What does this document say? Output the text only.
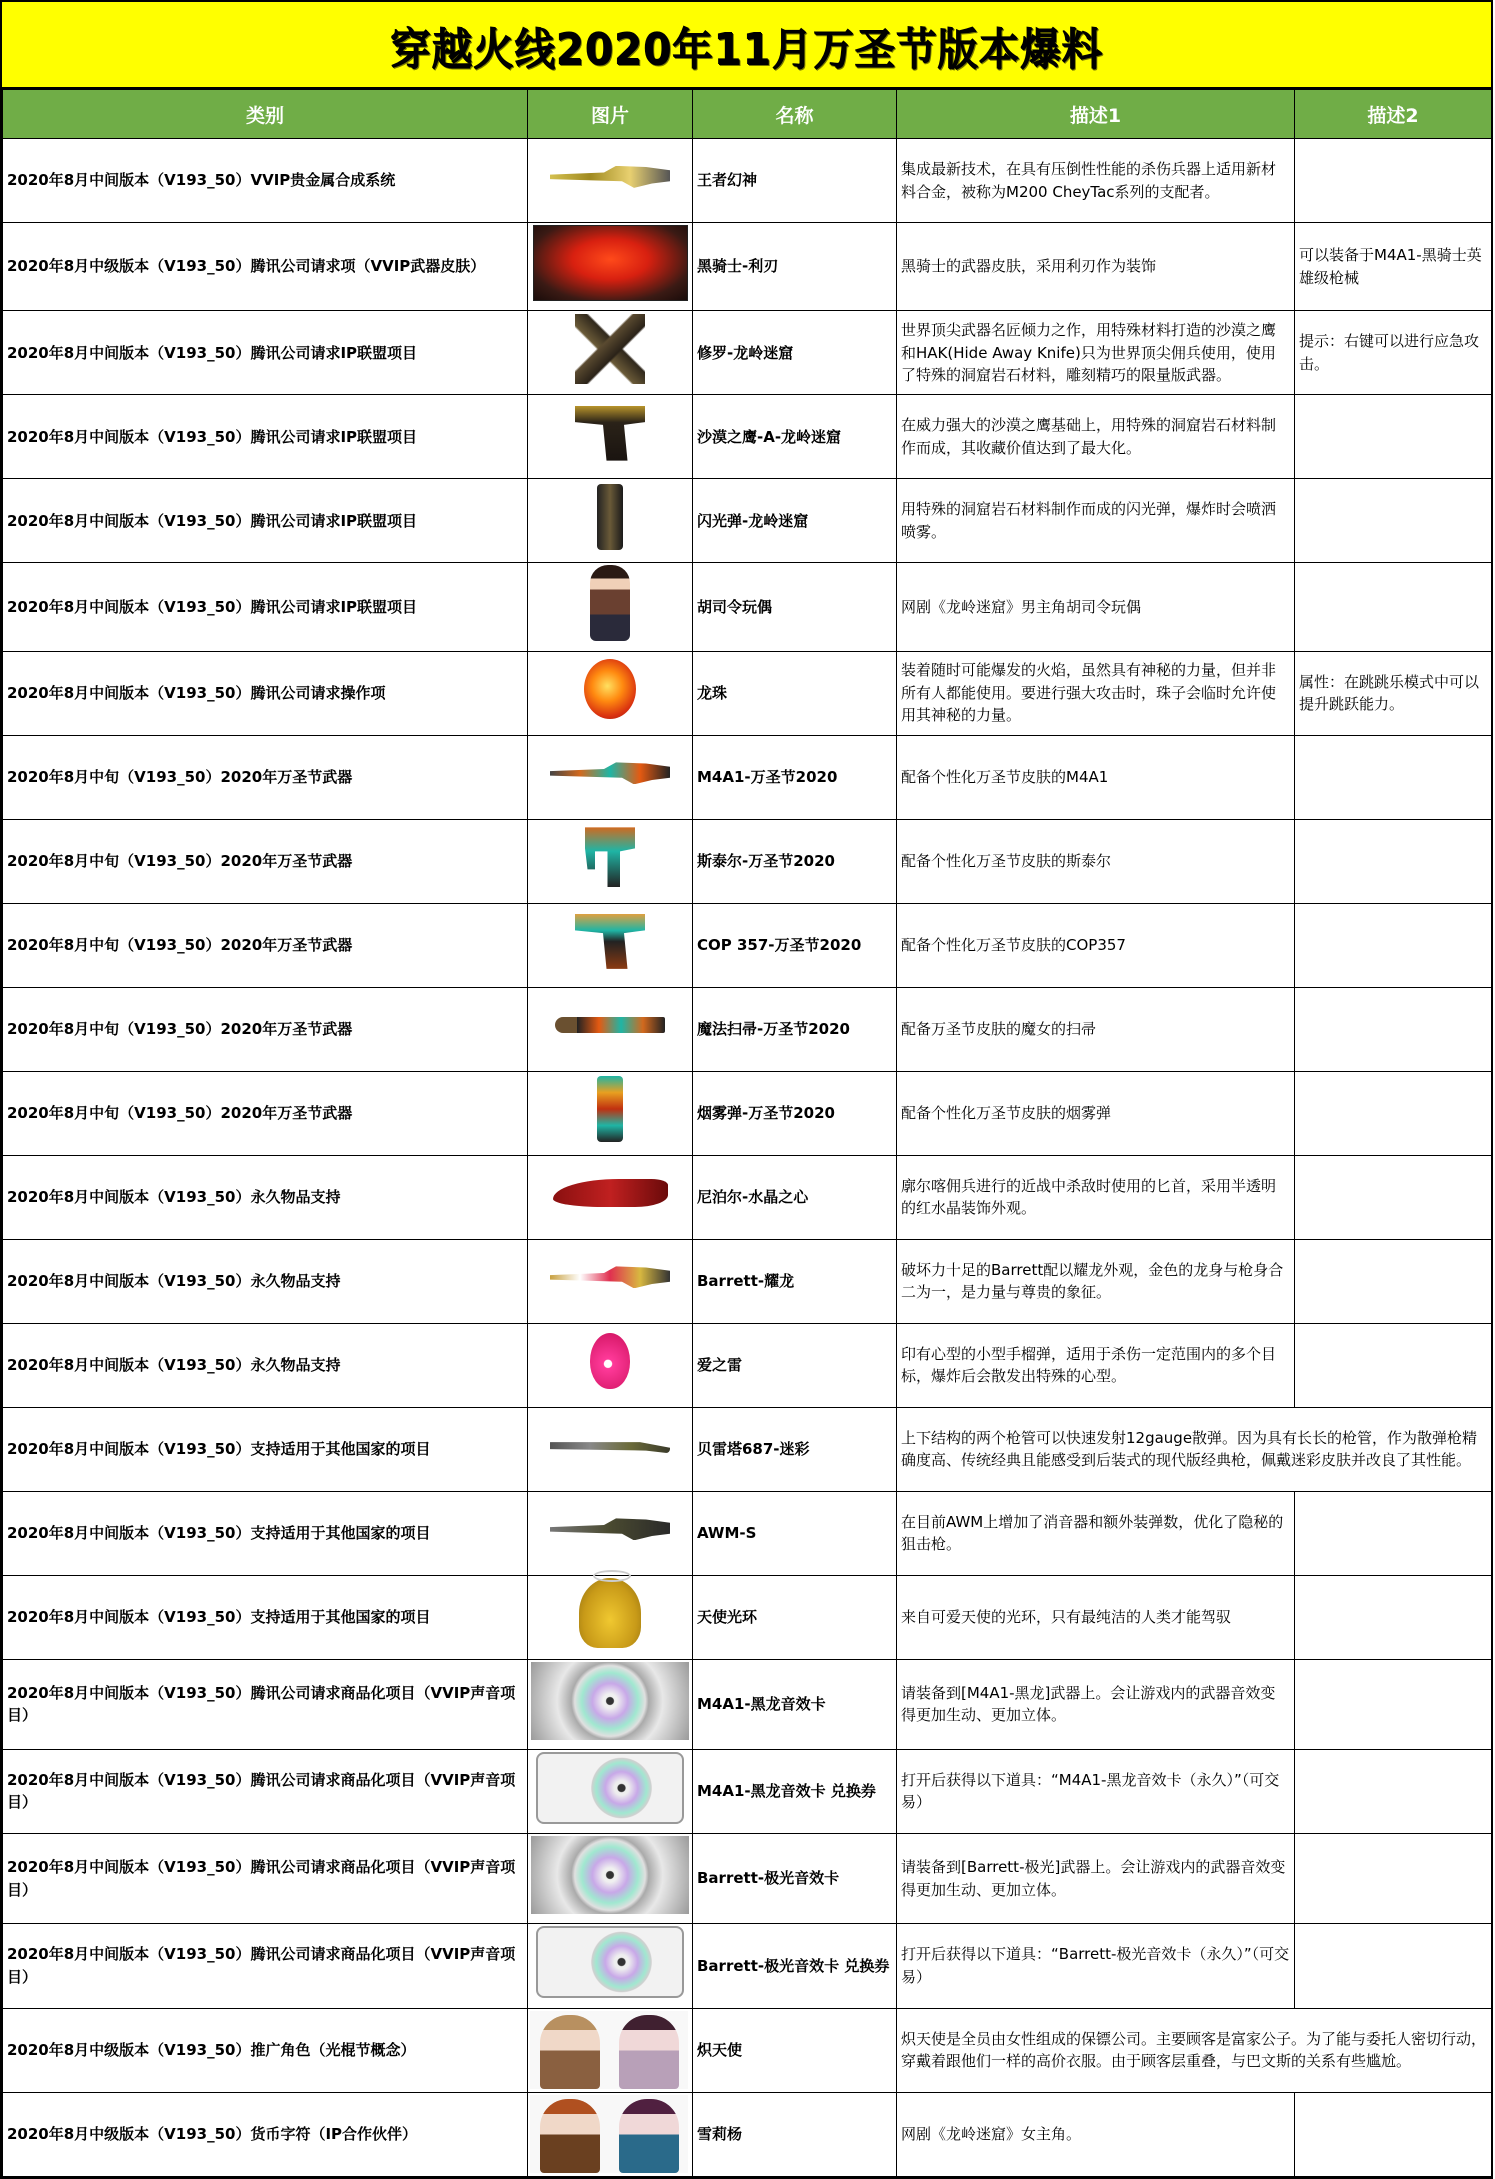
穿越火线2020年11月万圣节版本爆料
类别	图片	名称	描述1	描述2
2020年8月中间版本（V193_50）VVIP贵金属合成系统		王者幻神	集成最新技术，在具有压倒性性能的杀伤兵器上适用新材料合金，被称为M200 CheyTac系列的支配者。	
2020年8月中级版本（V193_50）腾讯公司请求项（VVIP武器皮肤）		黑骑士-利刃	黑骑士的武器皮肤，采用利刃作为装饰	可以装备于M4A1-黑骑士英雄级枪械
2020年8月中间版本（V193_50）腾讯公司请求IP联盟项目		修罗-龙岭迷窟	世界顶尖武器名匠倾力之作，用特殊材料打造的沙漠之鹰和HAK(Hide Away Knife)只为世界顶尖佣兵使用，使用了特殊的洞窟岩石材料，雕刻精巧的限量版武器。	提示：右键可以进行应急攻击。
2020年8月中间版本（V193_50）腾讯公司请求IP联盟项目		沙漠之鹰-A-龙岭迷窟	在威力强大的沙漠之鹰基础上，用特殊的洞窟岩石材料制作而成，其收藏价值达到了最大化。	
2020年8月中间版本（V193_50）腾讯公司请求IP联盟项目		闪光弹-龙岭迷窟	用特殊的洞窟岩石材料制作而成的闪光弹，爆炸时会喷洒喷雾。	
2020年8月中间版本（V193_50）腾讯公司请求IP联盟项目		胡司令玩偶	网剧《龙岭迷窟》男主角胡司令玩偶	
2020年8月中间版本（V193_50）腾讯公司请求操作项		龙珠	装着随时可能爆发的火焰，虽然具有神秘的力量，但并非所有人都能使用。要进行强大攻击时，珠子会临时允许使用其神秘的力量。	属性：在跳跳乐模式中可以提升跳跃能力。
2020年8月中旬（V193_50）2020年万圣节武器		M4A1-万圣节2020	配备个性化万圣节皮肤的M4A1	
2020年8月中旬（V193_50）2020年万圣节武器		斯泰尔-万圣节2020	配备个性化万圣节皮肤的斯泰尔	
2020年8月中旬（V193_50）2020年万圣节武器		COP 357-万圣节2020	配备个性化万圣节皮肤的COP357	
2020年8月中旬（V193_50）2020年万圣节武器		魔法扫帚-万圣节2020	配备万圣节皮肤的魔女的扫帚	
2020年8月中旬（V193_50）2020年万圣节武器		烟雾弹-万圣节2020	配备个性化万圣节皮肤的烟雾弹	
2020年8月中间版本（V193_50）永久物品支持		尼泊尔-水晶之心	廓尔喀佣兵进行的近战中杀敌时使用的匕首，采用半透明的红水晶装饰外观。	
2020年8月中间版本（V193_50）永久物品支持		Barrett-耀龙	破坏力十足的Barrett配以耀龙外观，金色的龙身与枪身合二为一，是力量与尊贵的象征。	
2020年8月中间版本（V193_50）永久物品支持		爱之雷	印有心型的小型手榴弹，适用于杀伤一定范围内的多个目标，爆炸后会散发出特殊的心型。	
2020年8月中间版本（V193_50）支持适用于其他国家的项目		贝雷塔687-迷彩	上下结构的两个枪管可以快速发射12gauge散弹。因为具有长长的枪管，作为散弹枪精确度高、传统经典且能感受到后装式的现代版经典枪，佩戴迷彩皮肤并改良了其性能。	
2020年8月中间版本（V193_50）支持适用于其他国家的项目		AWM-S	在目前AWM上增加了消音器和额外装弹数，优化了隐秘的狙击枪。	
2020年8月中间版本（V193_50）支持适用于其他国家的项目		天使光环	来自可爱天使的光环，只有最纯洁的人类才能驾驭	
2020年8月中间版本（V193_50）腾讯公司请求商品化项目（VVIP声音项目）		M4A1-黑龙音效卡	请装备到[M4A1-黑龙]武器上。会让游戏内的武器音效变得更加生动、更加立体。	
2020年8月中间版本（V193_50）腾讯公司请求商品化项目（VVIP声音项目）		M4A1-黑龙音效卡 兑换券	打开后获得以下道具：“M4A1-黑龙音效卡（永久）”（可交易）	
2020年8月中间版本（V193_50）腾讯公司请求商品化项目（VVIP声音项目）		Barrett-极光音效卡	请装备到[Barrett-极光]武器上。会让游戏内的武器音效变得更加生动、更加立体。	
2020年8月中间版本（V193_50）腾讯公司请求商品化项目（VVIP声音项目）		Barrett-极光音效卡 兑换券	打开后获得以下道具：“Barrett-极光音效卡（永久）”（可交易）	
2020年8月中级版本（V193_50）推广角色（光棍节概念）		炽天使	炽天使是全员由女性组成的保镖公司。主要顾客是富家公子。为了能与委托人密切行动，穿戴着跟他们一样的高价衣服。由于顾客层重叠，与巴文斯的关系有些尴尬。	
2020年8月中级版本（V193_50）货币字符（IP合作伙伴）		雪莉杨	网剧《龙岭迷窟》女主角。	
